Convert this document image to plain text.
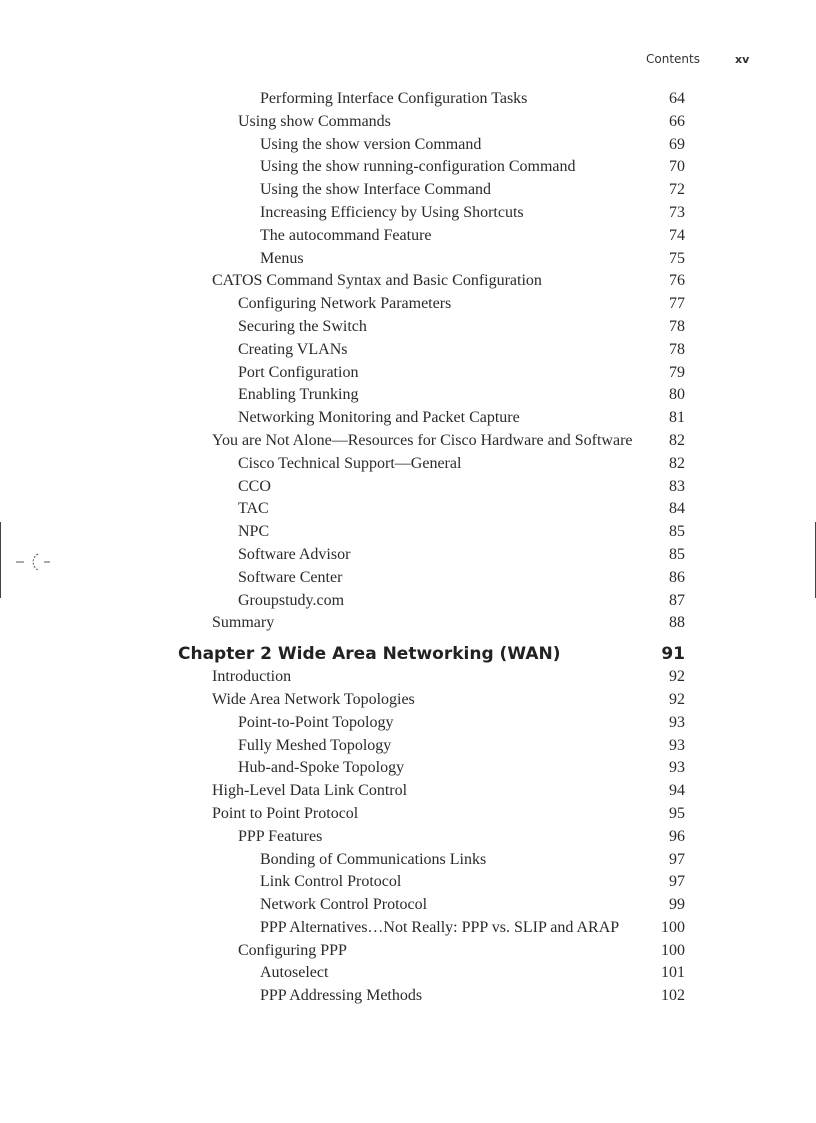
Contents	xv
Performing Interface Configuration Tasks	64
Using show Commands	66
Using the show version Command	69
Using the show running-configuration Command	70
Using the show Interface Command	72
Increasing Efficiency by Using Shortcuts	73
The autocommand Feature	74
Menus	75
CATOS Command Syntax and Basic Configuration	76
Configuring Network Parameters	77
Securing the Switch	78
Creating VLANs	78
Port Configuration	79
Enabling Trunking	80
Networking Monitoring and Packet Capture	81
You are Not Alone—Resources for Cisco Hardware and Software 82
Cisco Technical Support—General	82
CCO	83
TAC	84
NPC	85
Software Advisor	85
Software Center	86
Groupstudy.com	87
Summary	88
Chapter 2 Wide Area Networking (WAN)	91
Introduction	92
Wide Area Network Topologies	92
Point-to-Point Topology	93
Fully Meshed Topology	93
Hub-and-Spoke Topology	93
High-Level Data Link Control	94
Point to Point Protocol	95
PPP Features	96
Bonding of Communications Links	97
Link Control Protocol	97
Network Control Protocol	99
PPP Alternatives…Not Really: PPP vs. SLIP and ARAP	100
Configuring PPP	100
Autoselect	101
PPP Addressing Methods	102
